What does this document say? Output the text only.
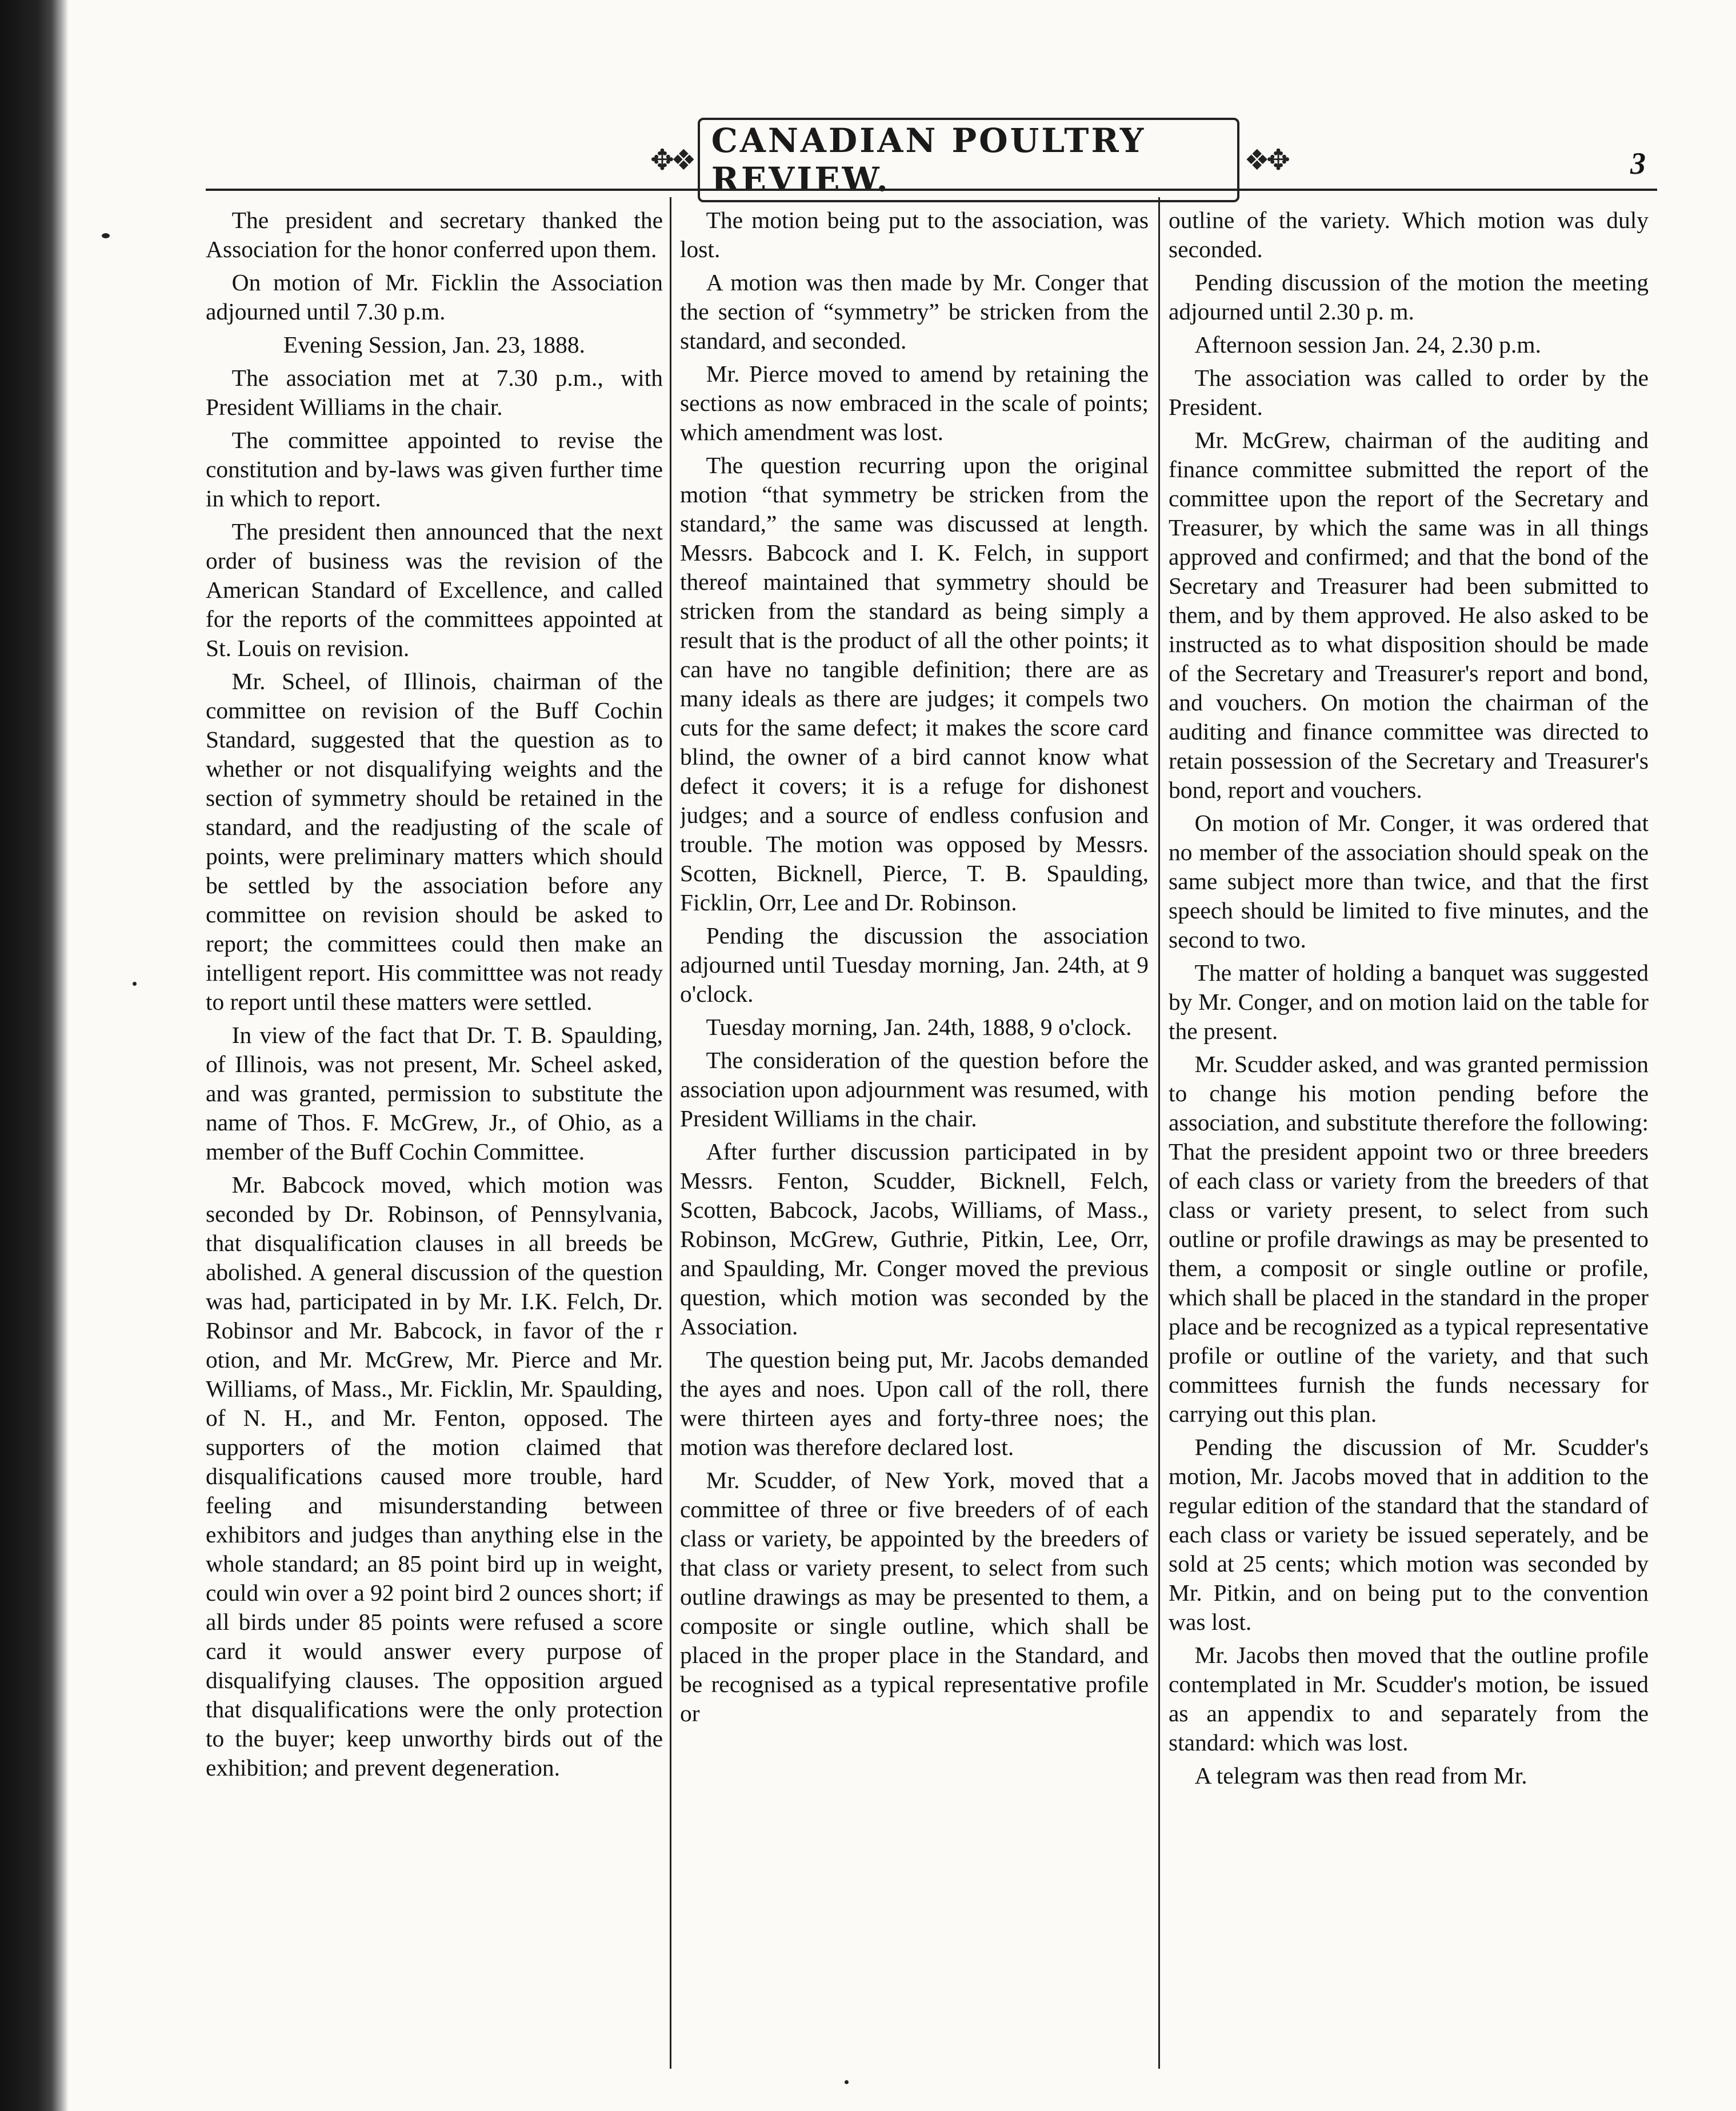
✥❖ CANADIAN POULTRY REVIEW.	❖✥	3

The president and secretary thanked the Association for the honor conferred upon them.

On motion of Mr. Ficklin the Association adjourned until 7.30 p.m.

Evening Session, Jan. 23, 1888.

The association met at 7.30 p.m., with President Williams in the chair.

The committee appointed to revise the constitution and by-laws was given further time in which to report.

The president then announced that the next order of business was the revision of the American Standard of Excellence, and called for the reports of the committees appointed at St. Louis on revision.

Mr. Scheel, of Illinois, chairman of the committee on revision of the Buff Cochin Standard, suggested that the question as to whether or not disqualifying weights and the section of symmetry should be retained in the standard, and the readjusting of the scale of points, were preliminary matters which should be settled by the association before any committee on revision should be asked to report; the committees could then make an intelligent report. His committtee was not ready to report until these matters were settled.

In view of the fact that Dr. T. B. Spaulding, of Illinois, was not present, Mr. Scheel asked, and was granted, permission to substitute the name of Thos. F. McGrew, Jr., of Ohio, as a member of the Buff Cochin Committee.

Mr. Babcock moved, which motion was seconded by Dr. Robinson, of Pennsylvania, that disqualification clauses in all breeds be abolished. A general discussion of the question was had, participated in by Mr. I.K. Felch, Dr. Robinsor and Mr. Babcock, in favor of the r otion, and Mr. McGrew, Mr. Pierce and Mr. Williams, of Mass., Mr. Ficklin, Mr. Spaulding, of N. H., and Mr. Fenton, opposed. The supporters of the motion claimed that disqualifications caused more trouble, hard feeling and misunderstanding between exhibitors and judges than anything else in the whole standard; an 85 point bird up in weight, could win over a 92 point bird 2 ounces short; if all birds under 85 points were refused a score card it would answer every purpose of disqualifying clauses. The opposition argued that disqualifications were the only protection to the buyer; keep unworthy birds out of the exhibition; and prevent degeneration.

The motion being put to the association, was lost.

A motion was then made by Mr. Conger that the section of “symmetry” be stricken from the standard, and seconded.

Mr. Pierce moved to amend by retaining the sections as now embraced in the scale of points; which amendment was lost.

The question recurring upon the original motion “that symmetry be stricken from the standard,” the same was discussed at length. Messrs. Babcock and I. K. Felch, in support thereof maintained that symmetry should be stricken from the standard as being simply a result that is the product of all the other points; it can have no tangible definition; there are as many ideals as there are judges; it compels two cuts for the same defect; it makes the score card blind, the owner of a bird cannot know what defect it covers; it is a refuge for dishonest judges; and a source of endless confusion and trouble. The motion was opposed by Messrs. Scotten, Bicknell, Pierce, T. B. Spaulding, Ficklin, Orr, Lee and Dr. Robinson.

Pending the discussion the association adjourned until Tuesday morning, Jan. 24th, at 9 o'clock.

Tuesday morning, Jan. 24th, 1888, 9 o'clock.

The consideration of the question before the association upon adjournment was resumed, with President Williams in the chair.

After further discussion participated in by Messrs. Fenton, Scudder, Bicknell, Felch, Scotten, Babcock, Jacobs, Williams, of Mass., Robinson, McGrew, Guthrie, Pitkin, Lee, Orr, and Spaulding, Mr. Conger moved the previous question, which motion was seconded by the Association.

The question being put, Mr. Jacobs demanded the ayes and noes. Upon call of the roll, there were thirteen ayes and forty-three noes; the motion was therefore declared lost.

Mr. Scudder, of New York, moved that a committee of three or five breeders of of each class or variety, be appointed by the breeders of that class or variety present, to select from such outline drawings as may be presented to them, a composite or single outline, which shall be placed in the proper place in the Standard, and be recognised as a typical representative profile or

outline of the variety. Which motion was duly seconded.

Pending discussion of the motion the meeting adjourned until 2.30 p. m.

Afternoon session Jan. 24, 2.30 p.m.

The association was called to order by the President.

Mr. McGrew, chairman of the auditing and finance committee submitted the report of the committee upon the report of the Secretary and Treasurer, by which the same was in all things approved and confirmed; and that the bond of the Secretary and Treasurer had been submitted to them, and by them approved. He also asked to be instructed as to what disposition should be made of the Secretary and Treasurer's report and bond, and vouchers. On motion the chairman of the auditing and finance committee was directed to retain possession of the Secretary and Treasurer's bond, report and vouchers.

On motion of Mr. Conger, it was ordered that no member of the association should speak on the same subject more than twice, and that the first speech should be limited to five minutes, and the second to two.

The matter of holding a banquet was suggested by Mr. Conger, and on motion laid on the table for the present.

Mr. Scudder asked, and was granted permission to change his motion pending before the association, and substitute therefore the following: That the president appoint two or three breeders of each class or variety from the breeders of that class or variety present, to select from such outline or profile drawings as may be presented to them, a composit or single outline or profile, which shall be placed in the standard in the proper place and be recognized as a typical representative profile or outline of the variety, and that such committees furnish the funds necessary for carrying out this plan.

Pending the discussion of Mr. Scudder's motion, Mr. Jacobs moved that in addition to the regular edition of the standard that the standard of each class or variety be issued seperately, and be sold at 25 cents; which motion was seconded by Mr. Pitkin, and on being put to the convention was lost.

Mr. Jacobs then moved that the outline profile contemplated in Mr. Scudder's motion, be issued as an appendix to and separately from the standard: which was lost.

A telegram was then read from Mr.
